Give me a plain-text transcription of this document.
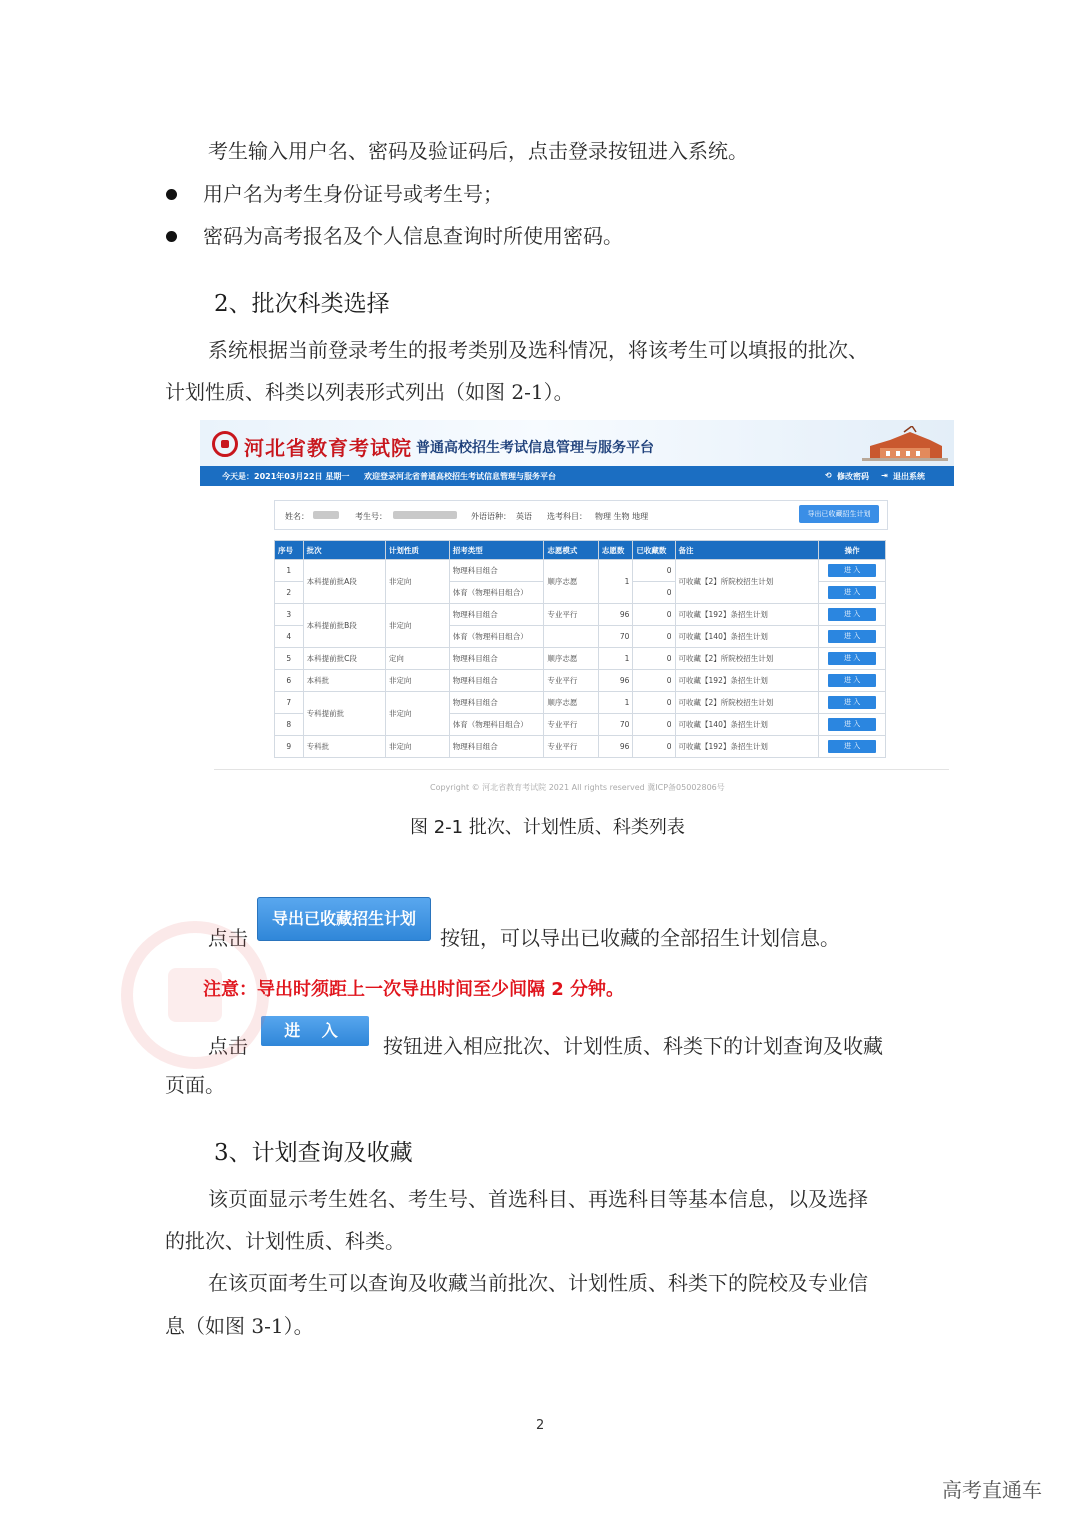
考生输入用户名、密码及验证码后，点击登录按钮进入系统。
用户名为考生身份证号或考生号；
密码为高考报名及个人信息查询时所使用密码。
2、批次科类选择
系统根据当前登录考生的报考类别及选科情况，将该考生可以填报的批次、
计划性质、科类以列表形式列出（如图 2-1）。
河北省教育考试院 普通高校招生考试信息管理与服务平台
今天是：2021年03月22日 星期一 欢迎登录河北省普通高校招生考试信息管理与服务平台	⟲ 修改密码 ⇥ 退出系统
姓名：	考生号：	外语语种： 英语 选考科目： 物理 生物 地理	导出已收藏招生计划
序号	批次	计划性质	招考类型	志愿模式	志愿数	已收藏数	备注	操作
1	本科提前批A段	非定向	物理科目组合	顺序志愿	1	0	可收藏【2】所院校招生计划	进 入
2			体育（物理科目组合）			0		进 入
3	本科提前批B段	非定向	物理科目组合	专业平行	96	0	可收藏【192】条招生计划	进 入
4			体育（物理科目组合）		70	0	可收藏【140】条招生计划	进 入
5	本科提前批C段	定向	物理科目组合	顺序志愿	1	0	可收藏【2】所院校招生计划	进 入
6	本科批	非定向	物理科目组合	专业平行	96	0	可收藏【192】条招生计划	进 入
7	专科提前批	非定向	物理科目组合	顺序志愿	1	0	可收藏【2】所院校招生计划	进 入
8			体育（物理科目组合）	专业平行	70	0	可收藏【140】条招生计划	进 入
9	专科批	非定向	物理科目组合	专业平行	96	0	可收藏【192】条招生计划	进 入
Copyright © 河北省教育考试院 2021 All rights reserved 冀ICP备05002806号
图 2-1 批次、计划性质、科类列表
点击
导出已收藏招生计划
按钮，可以导出已收藏的全部招生计划信息。
注意：导出时须距上一次导出时间至少间隔 2 分钟。
点击
进 入
按钮进入相应批次、计划性质、科类下的计划查询及收藏
页面。
3、计划查询及收藏
该页面显示考生姓名、考生号、首选科目、再选科目等基本信息，以及选择
的批次、计划性质、科类。
在该页面考生可以查询及收藏当前批次、计划性质、科类下的院校及专业信
息（如图 3-1）。
2
高考直通车
